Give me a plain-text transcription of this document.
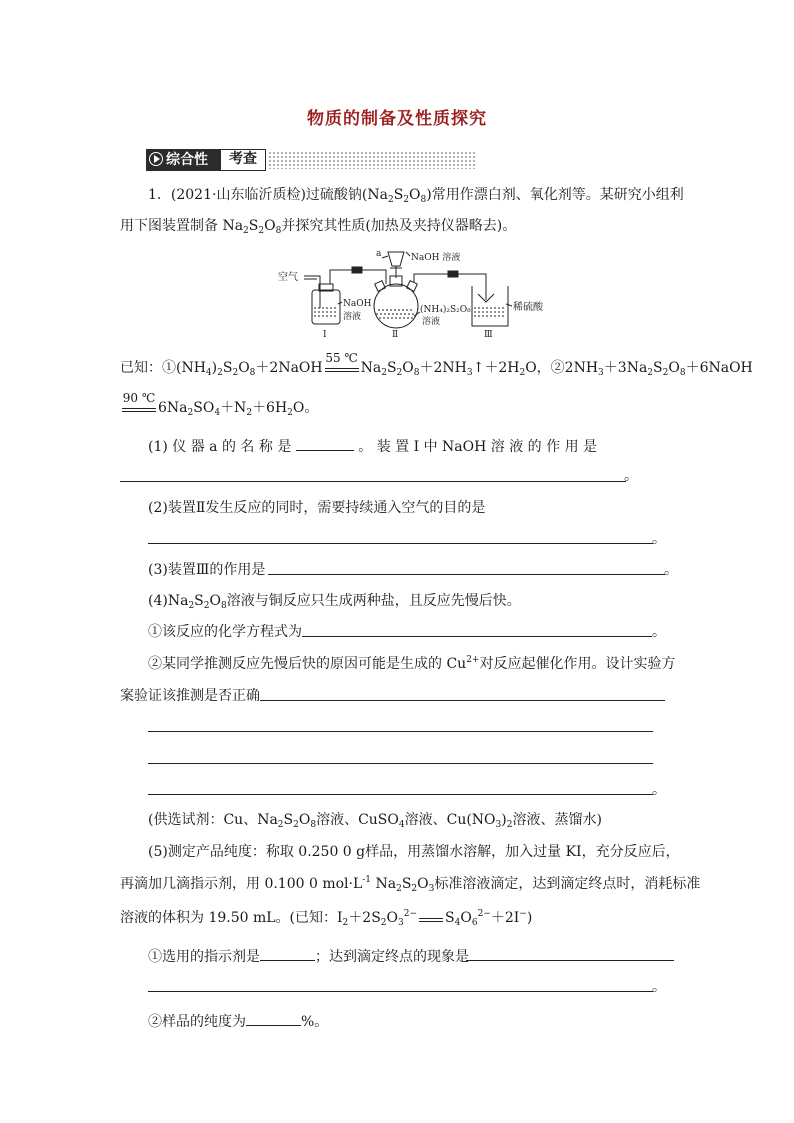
物质的制备及性质探究
综合性	考查
1．(2021·山东临沂质检)过硫酸钠$(Na_2S_2O_8)$常用作漂白剂、氧化剂等。某研究小组利
用下图装置制备 $Na_2S_2O_8$并探究其性质(加热及夹持仪器略去)。
空气
a	NaOH 溶液
NaOH
溶液
(NH₄)₂S₂O₈
溶液
稀硫酸
Ⅰ	Ⅱ	Ⅲ
已知：$①(NH_4)_2S_2O_8+2NaOH$
55 ℃
$Na_2S_2O_8+2NH_3↑+2H_2O$，$②2NH_3+3Na_2S_2O_8+6NaOH$
90 ℃
$6Na_2SO_4+N_2+6H_2O$。
(1) 仪 器 a 的 名 称 是	。 装 置 Ⅰ 中 NaOH 溶 液 的 作 用 是
。
(2)装置Ⅱ发生反应的同时，需要持续通入空气的目的是
。
(3)装置Ⅲ的作用是	。
$(4)Na_2S_2O_8$溶液与铜反应只生成两种盐，且反应先慢后快。
①该反应的化学方程式为	。
②某同学推测反应先慢后快的原因可能是生成的 $Cu^{2+}$对反应起催化作用。设计实验方
案验证该推测是否正确
。
(供选试剂：Cu、$Na_2S_2O_8$溶液、CuSO$_4$溶液、$Cu(NO_3)_2$溶液、蒸馏水)
(5)测定产品纯度：称取 0.250 0 g样品，用蒸馏水溶解，加入过量 KI，充分反应后，
再滴加几滴指示剂，用 0.100 0 $mol\cdot L^{-1}$ $Na_2S_2O_3$标准溶液滴定，达到滴定终点时，消耗标准
溶液的体积为 19.50 mL。(已知：$I_2+2S_2O_3^{2-}$ $S_4O_6^{2-}+2I^-$)
①选用的指示剂是	；达到滴定终点的现象是
。
②样品的纯度为	%。
